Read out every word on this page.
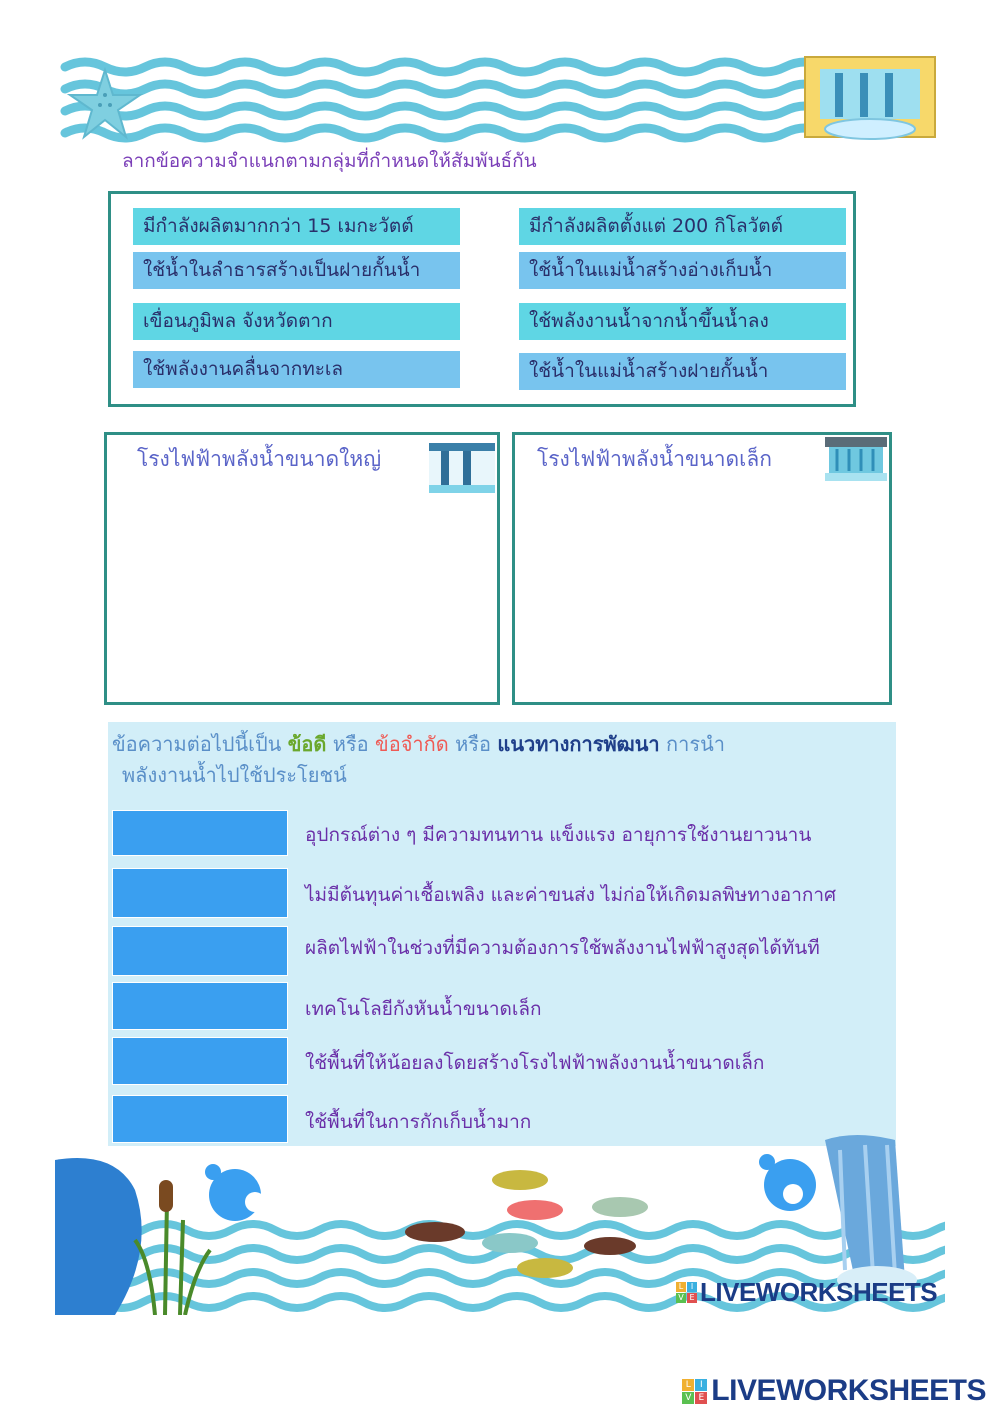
ลากข้อความจำแนกตามกลุ่มที่กำหนดให้สัมพันธ์กัน
มีกำลังผลิตมากกว่า 15 เมกะวัตต์
ใช้น้ำในลำธารสร้างเป็นฝายกั้นน้ำ
เขื่อนภูมิพล จังหวัดตาก
ใช้พลังงานคลื่นจากทะเล
มีกำลังผลิตตั้งแต่ 200 กิโลวัตต์
ใช้น้ำในแม่น้ำสร้างอ่างเก็บน้ำ
ใช้พลังงานน้ำจากน้ำขึ้นน้ำลง
ใช้น้ำในแม่น้ำสร้างฝายกั้นน้ำ
โรงไฟฟ้าพลังน้ำขนาดใหญ่	โรงไฟฟ้าพลังน้ำขนาดเล็ก
ข้อความต่อไปนี้เป็น ข้อดี หรือ ข้อจำกัด หรือ แนวทางการพัฒนา การนำ
พลังงานน้ำไปใช้ประโยชน์
อุปกรณ์ต่าง ๆ มีความทนทาน แข็งแรง อายุการใช้งานยาวนาน
ไม่มีต้นทุนค่าเชื้อเพลิง และค่าขนส่ง ไม่ก่อให้เกิดมลพิษทางอากาศ
ผลิตไฟฟ้าในช่วงที่มีความต้องการใช้พลังงานไฟฟ้าสูงสุดได้ทันที
เทคโนโลยีกังหันน้ำขนาดเล็ก
ใช้พื้นที่ให้น้อยลงโดยสร้างโรงไฟฟ้าพลังงานน้ำขนาดเล็ก
ใช้พื้นที่ในการกักเก็บน้ำมาก
L I
V E LIVEWORKSHEETS
L	I
V E LIVEWORKSHEETS
